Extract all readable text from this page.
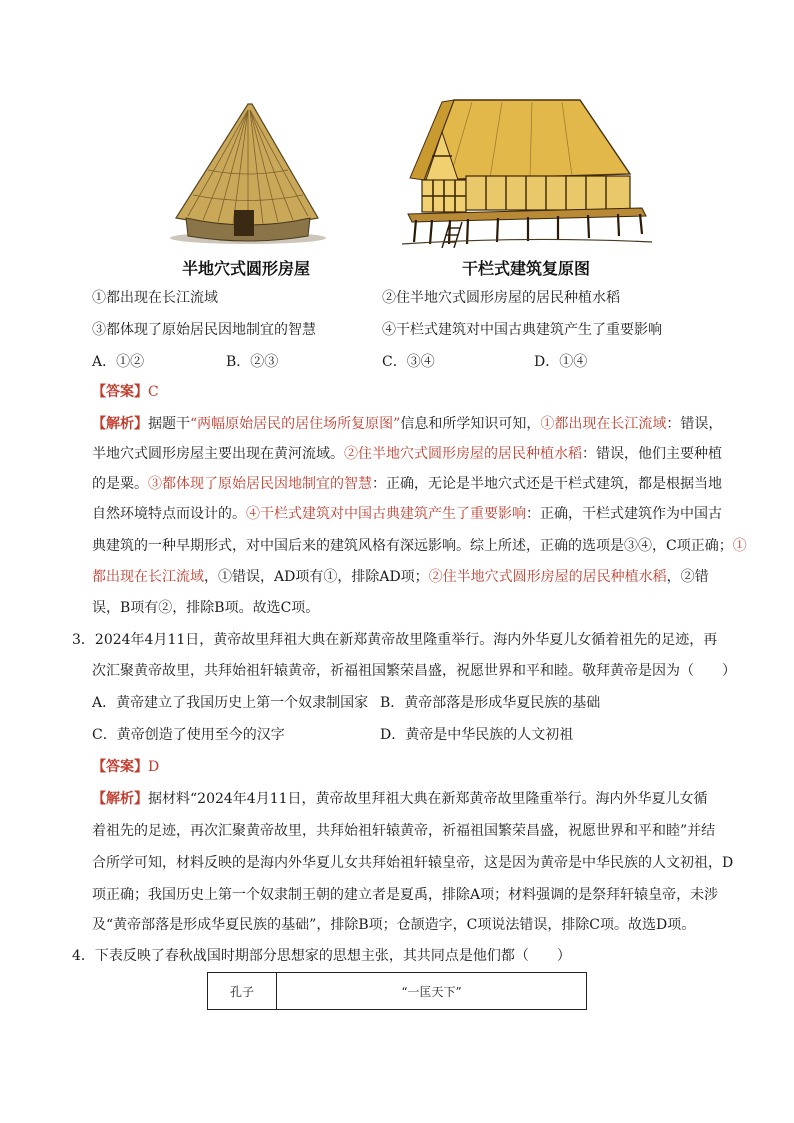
半地穴式圆形房屋	干栏式建筑复原图
①都出现在长江流域	②住半地穴式圆形房屋的居民种植水稻
③都体现了原始居民因地制宜的智慧	④干栏式建筑对中国古典建筑产生了重要影响
A．①②	B．②③	C．③④	D．①④
【答案】C
【解析】据题干“两幅原始居民的居住场所复原图”信息和所学知识可知，①都出现在长江流域：错误，
半地穴式圆形房屋主要出现在黄河流域。②住半地穴式圆形房屋的居民种植水稻：错误，他们主要种植
的是粟。③都体现了原始居民因地制宜的智慧：正确，无论是半地穴式还是干栏式建筑，都是根据当地
自然环境特点而设计的。④干栏式建筑对中国古典建筑产生了重要影响：正确，干栏式建筑作为中国古
典建筑的一种早期形式，对中国后来的建筑风格有深远影响。综上所述，正确的选项是③④，C项正确；①
都出现在长江流域，①错误，AD项有①，排除AD项；②住半地穴式圆形房屋的居民种植水稻，②错
误，B项有②，排除B项。故选C项。
3．2024年4月11日，黄帝故里拜祖大典在新郑黄帝故里隆重举行。海内外华夏儿女循着祖先的足迹，再
次汇聚黄帝故里，共拜始祖轩辕黄帝，祈福祖国繁荣昌盛，祝愿世界和平和睦。敬拜黄帝是因为（　　）
A．黄帝建立了我国历史上第一个奴隶制国家 B．黄帝部落是形成华夏民族的基础
C．黄帝创造了使用至今的汉字	D．黄帝是中华民族的人文初祖
【答案】D
【解析】据材料“2024年4月11日，黄帝故里拜祖大典在新郑黄帝故里隆重举行。海内外华夏儿女循
着祖先的足迹，再次汇聚黄帝故里，共拜始祖轩辕黄帝，祈福祖国繁荣昌盛，祝愿世界和平和睦”并结
合所学可知，材料反映的是海内外华夏儿女共拜始祖轩辕皇帝，这是因为黄帝是中华民族的人文初祖，D
项正确；我国历史上第一个奴隶制王朝的建立者是夏禹，排除A项；材料强调的是祭拜轩辕皇帝，未涉
及“黄帝部落是形成华夏民族的基础”，排除B项；仓颉造字，C项说法错误，排除C项。故选D项。
4．下表反映了春秋战国时期部分思想家的思想主张，其共同点是他们都（　　）
孔子	“一匡天下”
